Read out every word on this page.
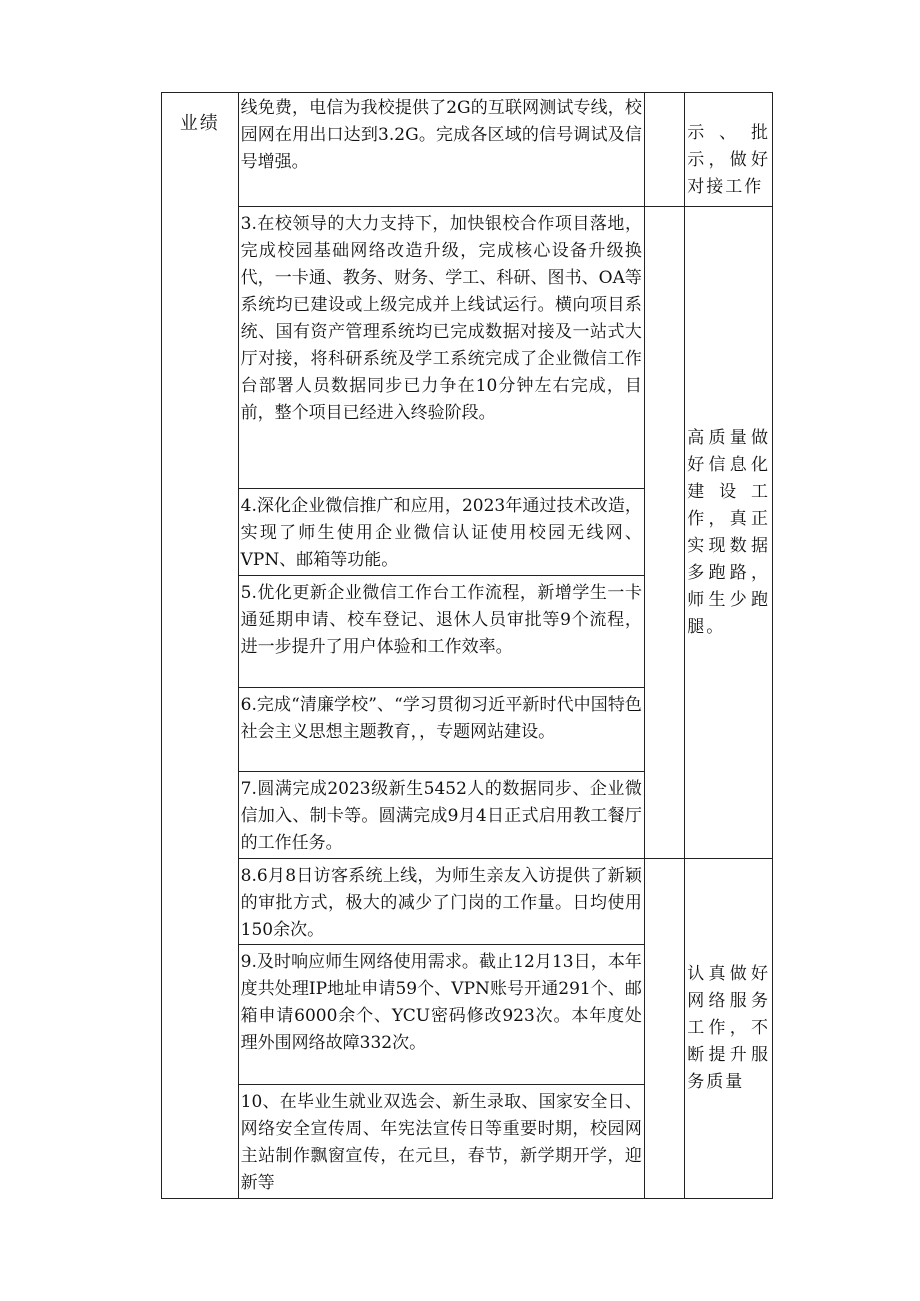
业绩	线免费，电信为我校提供了2G的互联网测试专线，校园网在用出口达到3.2G。完成各区域的信号调试及信号增强。		示、批示，做好对接工作

	3.在校领导的大力支持下，加快银校合作项目落地，完成校园基础网络改造升级，完成核心设备升级换代，一卡通、教务、财务、学工、科研、图书、OA等系统均已建设或上级完成并上线试运行。横向项目系统、国有资产管理系统均已完成数据对接及一站式大厅对接，将科研系统及学工系统完成了企业微信工作台部署人员数据同步已力争在10分钟左右完成，目前，整个项目已经进入终验阶段。		高质量做好信息化建设工作，真正实现数据多跑路，师生少跑腿。

	4.深化企业微信推广和应用，2023年通过技术改造，实现了师生使用企业微信认证使用校园无线网、VPN、邮箱等功能。		

	5.优化更新企业微信工作台工作流程，新增学生一卡通延期申请、校车登记、退休人员审批等9个流程，进一步提升了用户体验和工作效率。		

	6.完成“清廉学校”、“学习贯彻习近平新时代中国特色社会主义思想主题教育，，专题网站建设。		

	7.圆满完成2023级新生5452人的数据同步、企业微信加入、制卡等。圆满完成9月4日正式启用教工餐厅的工作任务。		

	8.6月8日访客系统上线，为师生亲友入访提供了新颖的审批方式，极大的减少了门岗的工作量。日均使用150余次。		认真做好网络服务工作，不断提升服务质量

	9.及时响应师生网络使用需求。截止12月13日，本年度共处理IP地址申请59个、VPN账号开通291个、邮箱申请6000余个、YCU密码修改923次。本年度处理外围网络故障332次。		

	10、在毕业生就业双选会、新生录取、国家安全日、网络安全宣传周、年宪法宣传日等重要时期，校园网主站制作飘窗宣传，在元旦，春节，新学期开学，迎新等		
